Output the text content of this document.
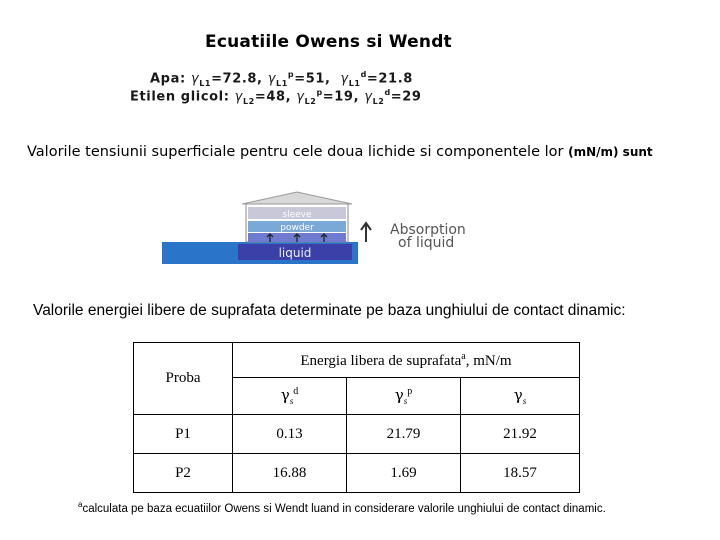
Ecuatiile Owens si Wendt
Apa: $\gamma_{L1}=72.8$, $\gamma_{L1}^p=51$,  $\gamma_{L1}^d=21.8$
Etilen glicol: $\gamma_{L2}=48$, $\gamma_{L2}^p=19$, $\gamma_{L2}^d=29$
Valorile tensiunii superficiale pentru cele doua lichide si componentele lor (mN/m) sunt
liquid
sleeve
powder	Absorption
of liquid
Valorile energiei libere de suprafata determinate pe baza unghiului de contact dinamic:
Proba	Energia libera de suprafata$^a$, mN/m		
	$\gamma_s^d$	$\gamma_s^p$	$\gamma_s$
P1	0.13	21.79	21.92
P2	16.88	1.69	18.57
$^a$calculata pe baza ecuatiilor Owens si Wendt luand in considerare valorile unghiului de contact dinamic.
